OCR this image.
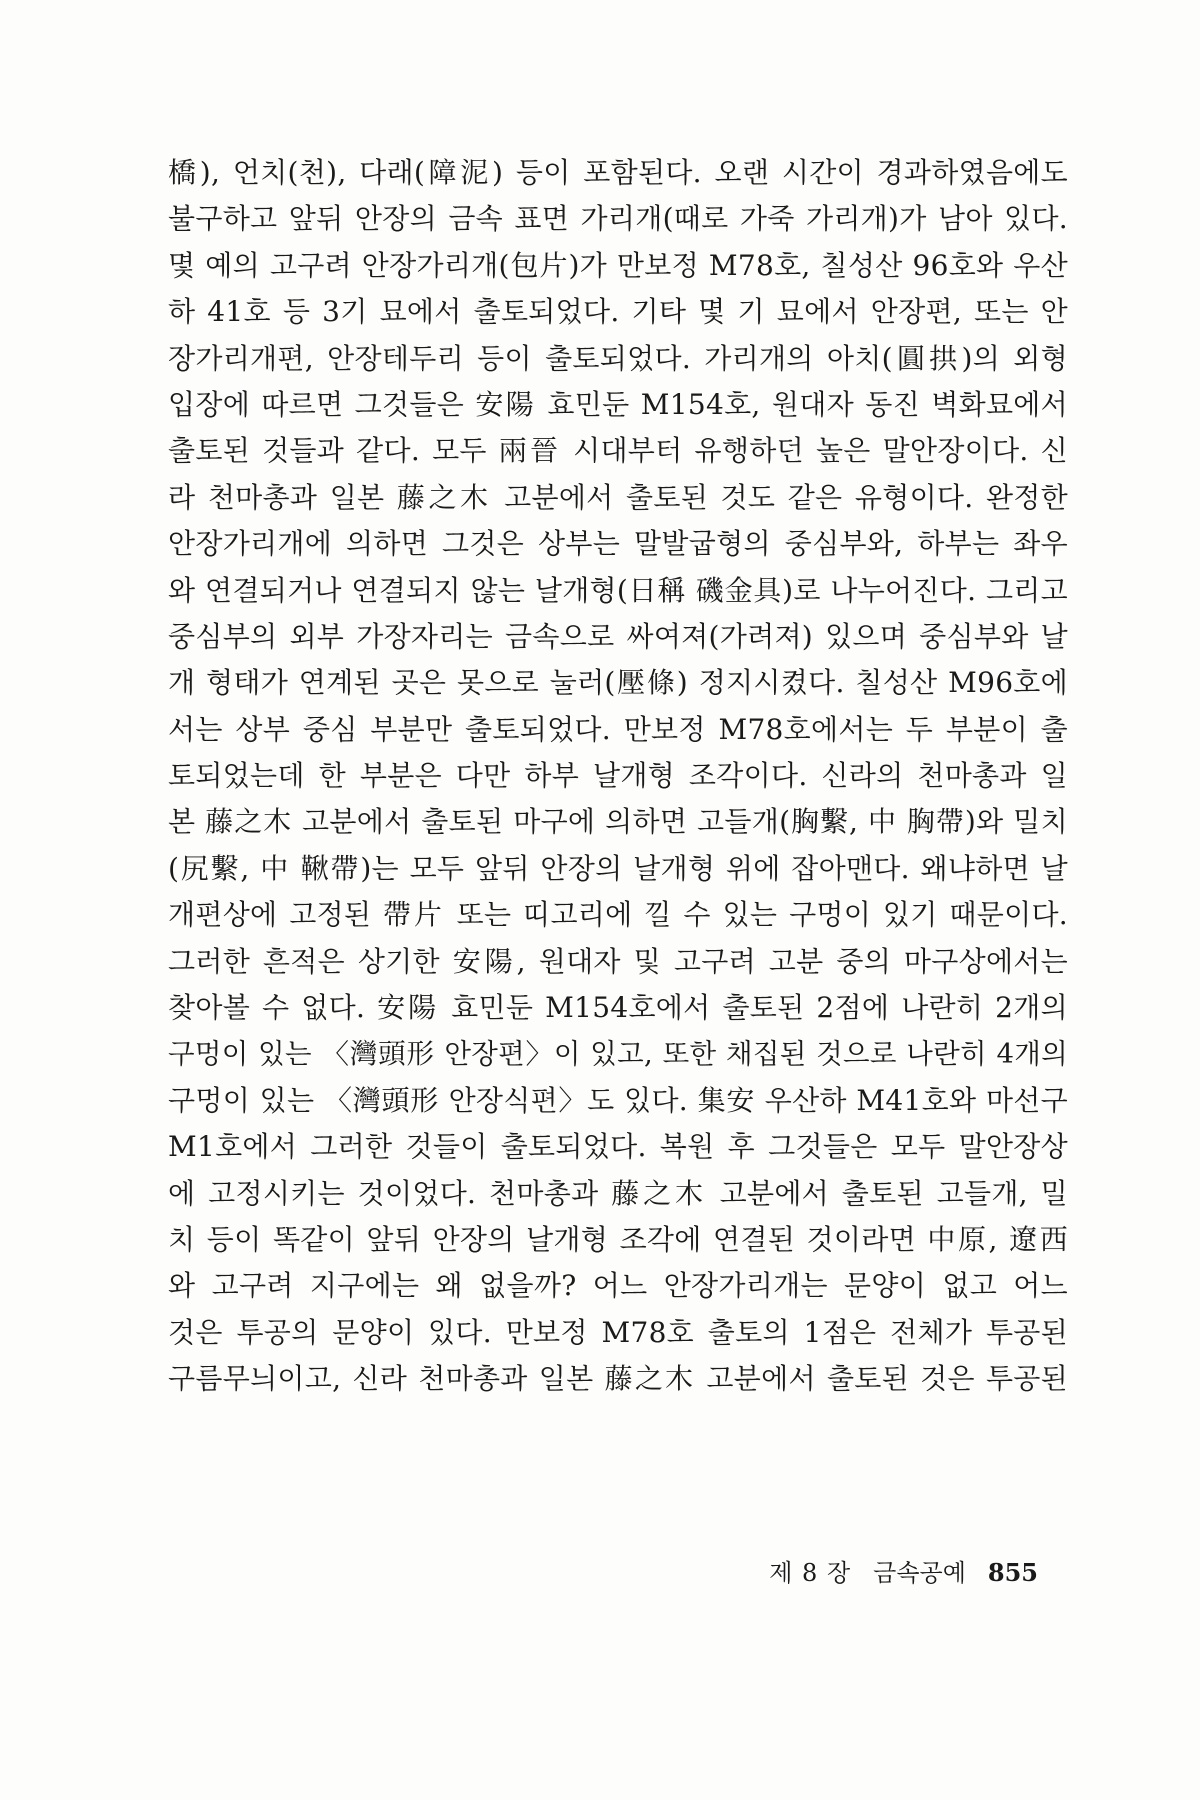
橋), 언치(천), 다래(障泥) 등이 포함된다. 오랜 시간이 경과하였음에도
불구하고 앞뒤 안장의 금속 표면 가리개(때로 가죽 가리개)가 남아 있다.
몇 예의 고구려 안장가리개(包片)가 만보정 M78호, 칠성산 96호와 우산
하 41호 등 3기 묘에서 출토되었다. 기타 몇 기 묘에서 안장편, 또는 안
장가리개편, 안장테두리 등이 출토되었다. 가리개의 아치(圓拱)의 외형
입장에 따르면 그것들은 安陽 효민둔 M154호, 원대자 동진 벽화묘에서
출토된 것들과 같다. 모두 兩晉 시대부터 유행하던 높은 말안장이다. 신
라 천마총과 일본 藤之木 고분에서 출토된 것도 같은 유형이다. 완정한
안장가리개에 의하면 그것은 상부는 말발굽형의 중심부와, 하부는 좌우
와 연결되거나 연결되지 않는 날개형(日稱 磯金具)로 나누어진다. 그리고
중심부의 외부 가장자리는 금속으로 싸여져(가려져) 있으며 중심부와 날
개 형태가 연계된 곳은 못으로 눌러(壓條) 정지시켰다. 칠성산 M96호에
서는 상부 중심 부분만 출토되었다. 만보정 M78호에서는 두 부분이 출
토되었는데 한 부분은 다만 하부 날개형 조각이다. 신라의 천마총과 일
본 藤之木 고분에서 출토된 마구에 의하면 고들개(胸繫, 中 胸帶)와 밀치
(尻繫, 中 鞦帶)는 모두 앞뒤 안장의 날개형 위에 잡아맨다. 왜냐하면 날
개편상에 고정된 帶片 또는 띠고리에 낄 수 있는 구멍이 있기 때문이다.
그러한 흔적은 상기한 安陽, 원대자 및 고구려 고분 중의 마구상에서는
찾아볼 수 없다. 安陽 효민둔 M154호에서 출토된 2점에 나란히 2개의
구멍이 있는 〈灣頭形 안장편〉이 있고, 또한 채집된 것으로 나란히 4개의
구멍이 있는 〈灣頭形 안장식편〉도 있다. 集安 우산하 M41호와 마선구
M1호에서 그러한 것들이 출토되었다. 복원 후 그것들은 모두 말안장상
에 고정시키는 것이었다. 천마총과 藤之木 고분에서 출토된 고들개, 밀
치 등이 똑같이 앞뒤 안장의 날개형 조각에 연결된 것이라면 中原, 遼西
와 고구려 지구에는 왜 없을까? 어느 안장가리개는 문양이 없고 어느
것은 투공의 문양이 있다. 만보정 M78호 출토의 1점은 전체가 투공된
구름무늬이고, 신라 천마총과 일본 藤之木 고분에서 출토된 것은 투공된
제 8 장 금속공예 855
